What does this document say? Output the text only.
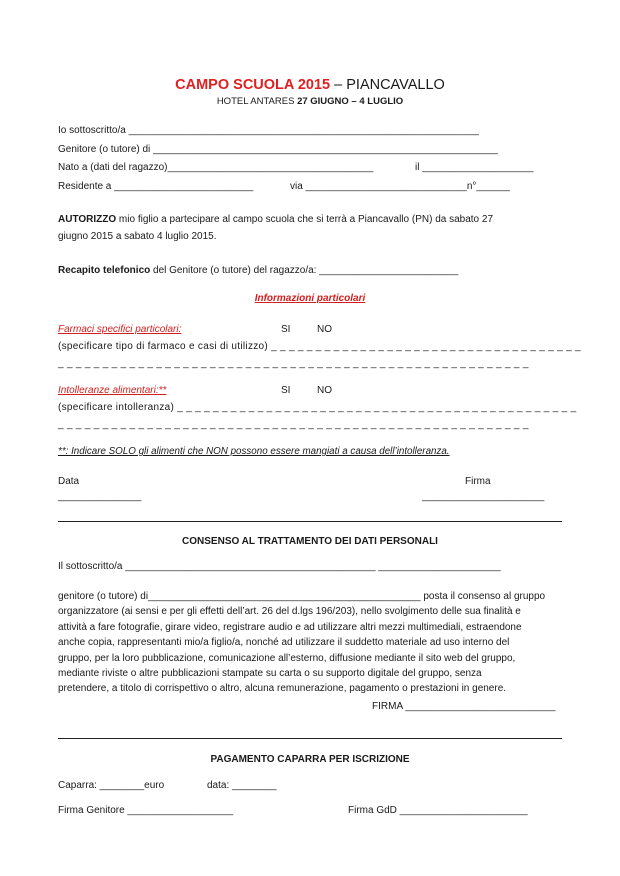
CAMPO SCUOLA 2015 – PIANCAVALLO
HOTEL ANTARES 27 GIUGNO – 4 LUGLIO
Io sottoscritto/a _______________________________________________________________
Genitore (o tutore) di ______________________________________________________________
Nato a (dati del ragazzo)_____________________________________	il ____________________
Residente a _________________________	via _____________________________n°______
AUTORIZZO mio figlio a partecipare al campo scuola che si terrà a Piancavallo (PN) da sabato 27
giugno 2015 a sabato 4 luglio 2015.
Recapito telefonico del Genitore (o tutore) del ragazzo/a: _________________________
Informazioni particolari
Farmaci specifici particolari:	SI	NO
(specificare tipo di farmaco e casi di utilizzo) _ _ _ _ _ _ _ _ _ _ _ _ _ _ _ _ _ _ _ _ _ _ _ _ _ _ _ _ _ _ _ _ _ _ _
_ _ _ _ _ _ _ _ _ _ _ _ _ _ _ _ _ _ _ _ _ _ _ _ _ _ _ _ _ _ _ _ _ _ _ _ _ _ _ _ _ _ _ _ _ _ _ _ _ _ _ _ _
Intolleranze alimentari:**	SI	NO
(specificare intolleranza) _ _ _ _ _ _ _ _ _ _ _ _ _ _ _ _ _ _ _ _ _ _ _ _ _ _ _ _ _ _ _ _ _ _ _ _ _ _ _ _ _ _ _ _ _
_ _ _ _ _ _ _ _ _ _ _ _ _ _ _ _ _ _ _ _ _ _ _ _ _ _ _ _ _ _ _ _ _ _ _ _ _ _ _ _ _ _ _ _ _ _ _ _ _ _ _ _ _
**: Indicare SOLO gli alimenti che NON possono essere mangiati a causa dell’intolleranza.
Data
_______________
Firma
______________________
CONSENSO AL TRATTAMENTO DEI DATI PERSONALI
Il sottoscritto/a _____________________________________________ ______________________
genitore (o tutore) di_________________________________________________ posta il consenso al gruppo
organizzatore (ai sensi e per gli effetti dell’art. 26 del d.lgs 196/203), nello svolgimento delle sua finalità e
attività a fare fotografie, girare video, registrare audio e ad utilizzare altri mezzi multimediali, estraendone
anche copia, rappresentanti mio/a figlio/a, nonché ad utilizzare il suddetto materiale ad uso interno del
gruppo, per la loro pubblicazione, comunicazione all’esterno, diffusione mediante il sito web del gruppo,
mediante riviste o altre pubblicazioni stampate su carta o su supporto digitale del gruppo, senza
pretendere, a titolo di corrispettivo o altro, alcuna remunerazione, pagamento o prestazioni in genere.
FIRMA ___________________________
PAGAMENTO CAPARRA PER ISCRIZIONE
Caparra: ________euro	data: ________
Firma Genitore ___________________	Firma GdD _______________________
